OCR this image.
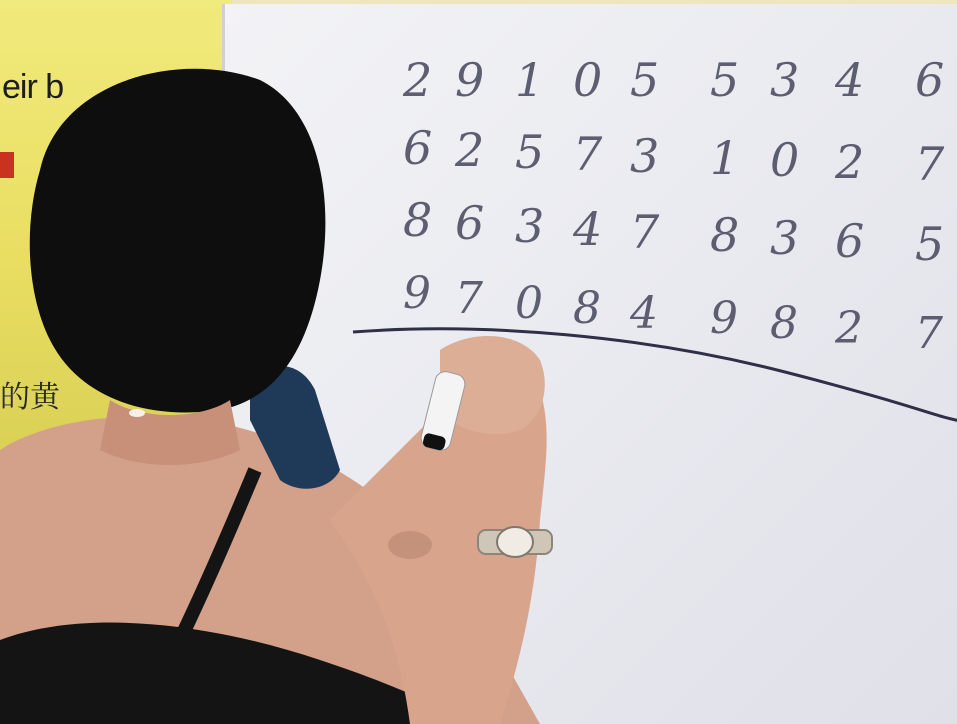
eir b
的黄
2 9 1 0 5 5 3 4 6
6 2 5 7 3 1 0 2 7
8 6 3 4 7 8 3 6 5
9 7 0 8 4 9 8 2 7
